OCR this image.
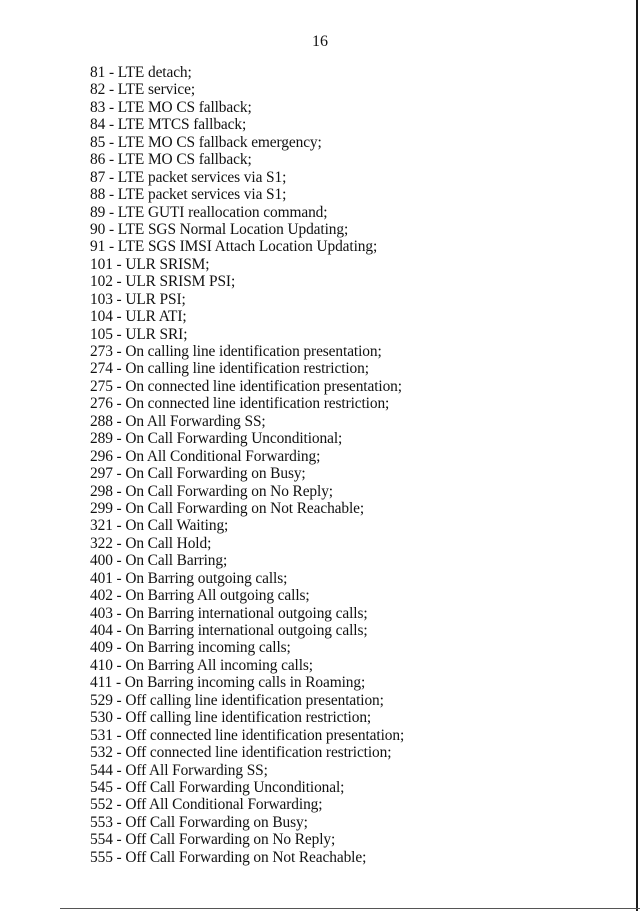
16
81 - LTE detach;
82 - LTE service;
83 - LTE MO CS fallback;
84 - LTE MTCS fallback;
85 - LTE MO CS fallback emergency;
86 - LTE MO CS fallback;
87 - LTE packet services via S1;
88 - LTE packet services via S1;
89 - LTE GUTI reallocation command;
90 - LTE SGS Normal Location Updating;
91 - LTE SGS IMSI Attach Location Updating;
101 - ULR SRISM;
102 - ULR SRISM PSI;
103 - ULR PSI;
104 - ULR ATI;
105 - ULR SRI;
273 - On calling line identification presentation;
274 - On calling line identification restriction;
275 - On connected line identification presentation;
276 - On connected line identification restriction;
288 - On All Forwarding SS;
289 - On Call Forwarding Unconditional;
296 - On All Conditional Forwarding;
297 - On Call Forwarding on Busy;
298 - On Call Forwarding on No Reply;
299 - On Call Forwarding on Not Reachable;
321 - On Call Waiting;
322 - On Call Hold;
400 - On Call Barring;
401 - On Barring outgoing calls;
402 - On Barring All outgoing calls;
403 - On Barring international outgoing calls;
404 - On Barring international outgoing calls;
409 - On Barring incoming calls;
410 - On Barring All incoming calls;
411 - On Barring incoming calls in Roaming;
529 - Off calling line identification presentation;
530 - Off calling line identification restriction;
531 - Off connected line identification presentation;
532 - Off connected line identification restriction;
544 - Off All Forwarding SS;
545 - Off Call Forwarding Unconditional;
552 - Off All Conditional Forwarding;
553 - Off Call Forwarding on Busy;
554 - Off Call Forwarding on No Reply;
555 - Off Call Forwarding on Not Reachable;
